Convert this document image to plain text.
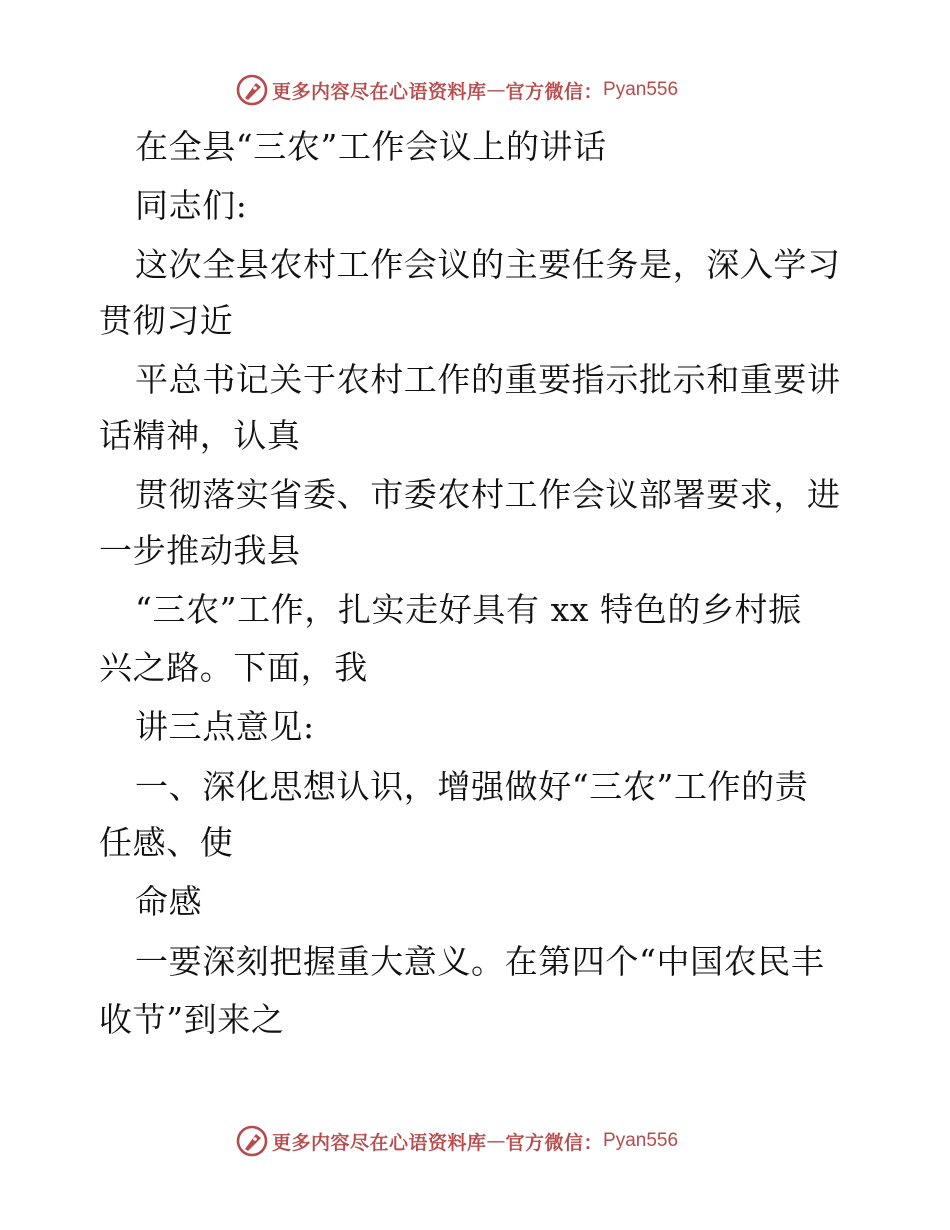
更多内容尽在心语资料库 — 官方微信： Pyan556
在全县“三农”工作会议上的讲话
同志们:
这次全县农村工作会议的主要任务是，深入学习
贯彻习近
平总书记关于农村工作的重要指示批示和重要讲
话精神，认真
贯彻落实省委、市委农村工作会议部署要求，进
一步推动我县
“三农”工作，扎实走好具有 xx 特色的乡村振
兴之路。下面，我
讲三点意见:
一、深化思想认识，增强做好“三农”工作的责
任感、使
命感
一要深刻把握重大意义。在第四个“中国农民丰
收节”到来之
更多内容尽在心语资料库 — 官方微信： Pyan556
